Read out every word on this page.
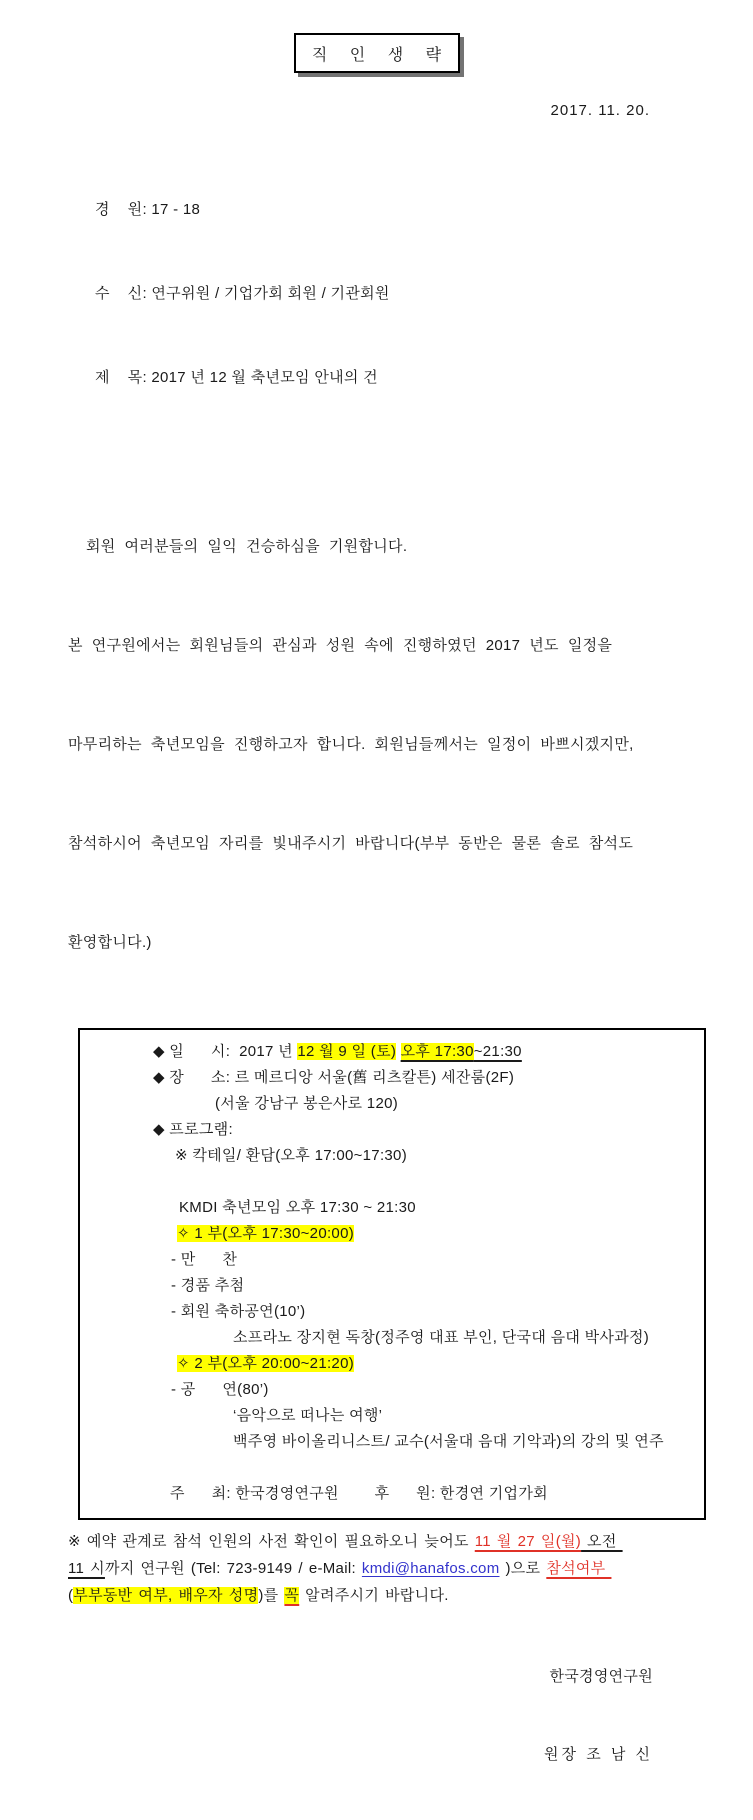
직 인 생 략
2017. 11. 20.

경    원: 17 - 18

수    신: 연구위원 / 기업가회 회원 / 기관회원

제    목: 2017 년 12 월 축년모임 안내의 건

회원 여러분들의 일익 건승하심을 기원합니다.

본 연구원에서는 회원님들의 관심과 성원 속에 진행하였던 2017 년도 일정을

마무리하는 축년모임을 진행하고자 합니다. 회원님들께서는 일정이 바쁘시겠지만,

참석하시어 축년모임 자리를 빛내주시기 바랍니다(부부 동반은 물론 솔로 참석도

환영합니다.)

◆ 일      시:  2017 년 12 월 9 일 (토) 오후 17:30~21:30
◆ 장      소: 르 메르디앙 서울(舊 리츠칼튼) 세잔룸(2F)
(서울 강남구 봉은사로 120)
◆ 프로그램:
※ 칵테일/ 환담(오후 17:00~17:30)
KMDI 축년모임 오후 17:30 ~ 21:30
✧ 1 부(오후 17:30~20:00)
- 만      찬
- 경품 추첨
- 회원 축하공연(10’)
소프라노 장지현 독창(정주영 대표 부인, 단국대 음대 박사과정)
✧ 2 부(오후 20:00~21:20)
- 공      연(80’)
‘음악으로 떠나는 여행’
백주영 바이올리니스트/ 교수(서울대 음대 기악과)의 강의 및 연주
주      최: 한국경영연구원        후      원: 한경연 기업가회
※ 예약 관계로 참석 인원의 사전 확인이 필요하오니 늦어도 11 월 27 일(월) 오전
11 시까지 연구원 (Tel: 723-9149 / e-Mail: kmdi@hanafos.com )으로 참석여부
(부부동반 여부, 배우자 성명)를 꼭 알려주시기 바랍니다.

한국경영연구원

원장 조 남 신
